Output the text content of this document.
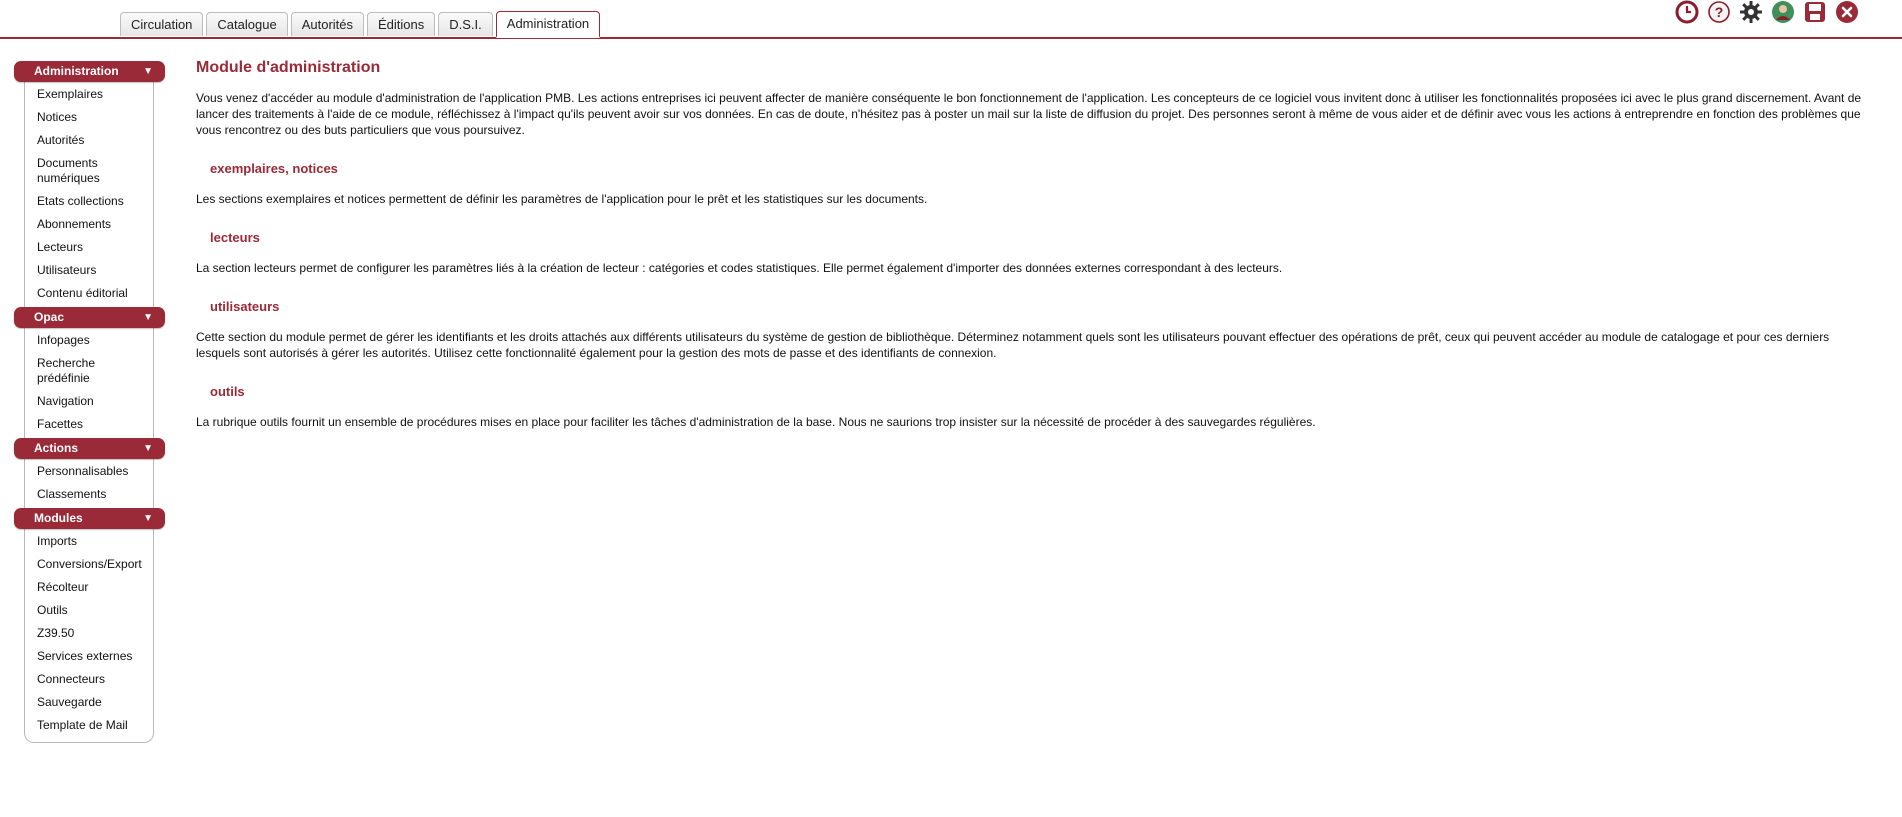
Circulation	Catalogue	Autorités	Éditions	D.S.I.	Administration
?
Administration ▼
Exemplaires
Notices
Autorités
Documents numériques
Etats collections
Abonnements
Lecteurs
Utilisateurs
Contenu éditorial
Opac	▼
Infopages
Recherche prédéfinie
Navigation
Facettes
Actions	▼
Personnalisables
Classements
Modules	▼
Imports
Conversions/Export
Récolteur
Outils
Z39.50
Services externes
Connecteurs
Sauvegarde
Template de Mail
Module d'administration

Vous venez d'accéder au module d'administration de l'application PMB. Les actions entreprises ici peuvent affecter de manière conséquente le bon fonctionnement de l'application. Les concepteurs de ce logiciel vous invitent donc à utiliser les fonctionnalités proposées ici avec le plus grand discernement. Avant de lancer des traitements à l'aide de ce module, réfléchissez à l'impact qu'ils peuvent avoir sur vos données. En cas de doute, n'hésitez pas à poster un mail sur la liste de diffusion du projet. Des personnes seront à même de vous aider et de définir avec vous les actions à entreprendre en fonction des problèmes que vous rencontrez ou des buts particuliers que vous poursuivez.

exemplaires, notices

Les sections exemplaires et notices permettent de définir les paramètres de l'application pour le prêt et les statistiques sur les documents.

lecteurs

La section lecteurs permet de configurer les paramètres liés à la création de lecteur : catégories et codes statistiques. Elle permet également d'importer des données externes correspondant à des lecteurs.

utilisateurs

Cette section du module permet de gérer les identifiants et les droits attachés aux différents utilisateurs du système de gestion de bibliothèque. Déterminez notamment quels sont les utilisateurs pouvant effectuer des opérations de prêt, ceux qui peuvent accéder au module de catalogage et pour ces derniers lesquels sont autorisés à gérer les autorités. Utilisez cette fonctionnalité également pour la gestion des mots de passe et des identifiants de connexion.

outils

La rubrique outils fournit un ensemble de procédures mises en place pour faciliter les tâches d'administration de la base. Nous ne saurions trop insister sur la nécessité de procéder à des sauvegardes régulières.
